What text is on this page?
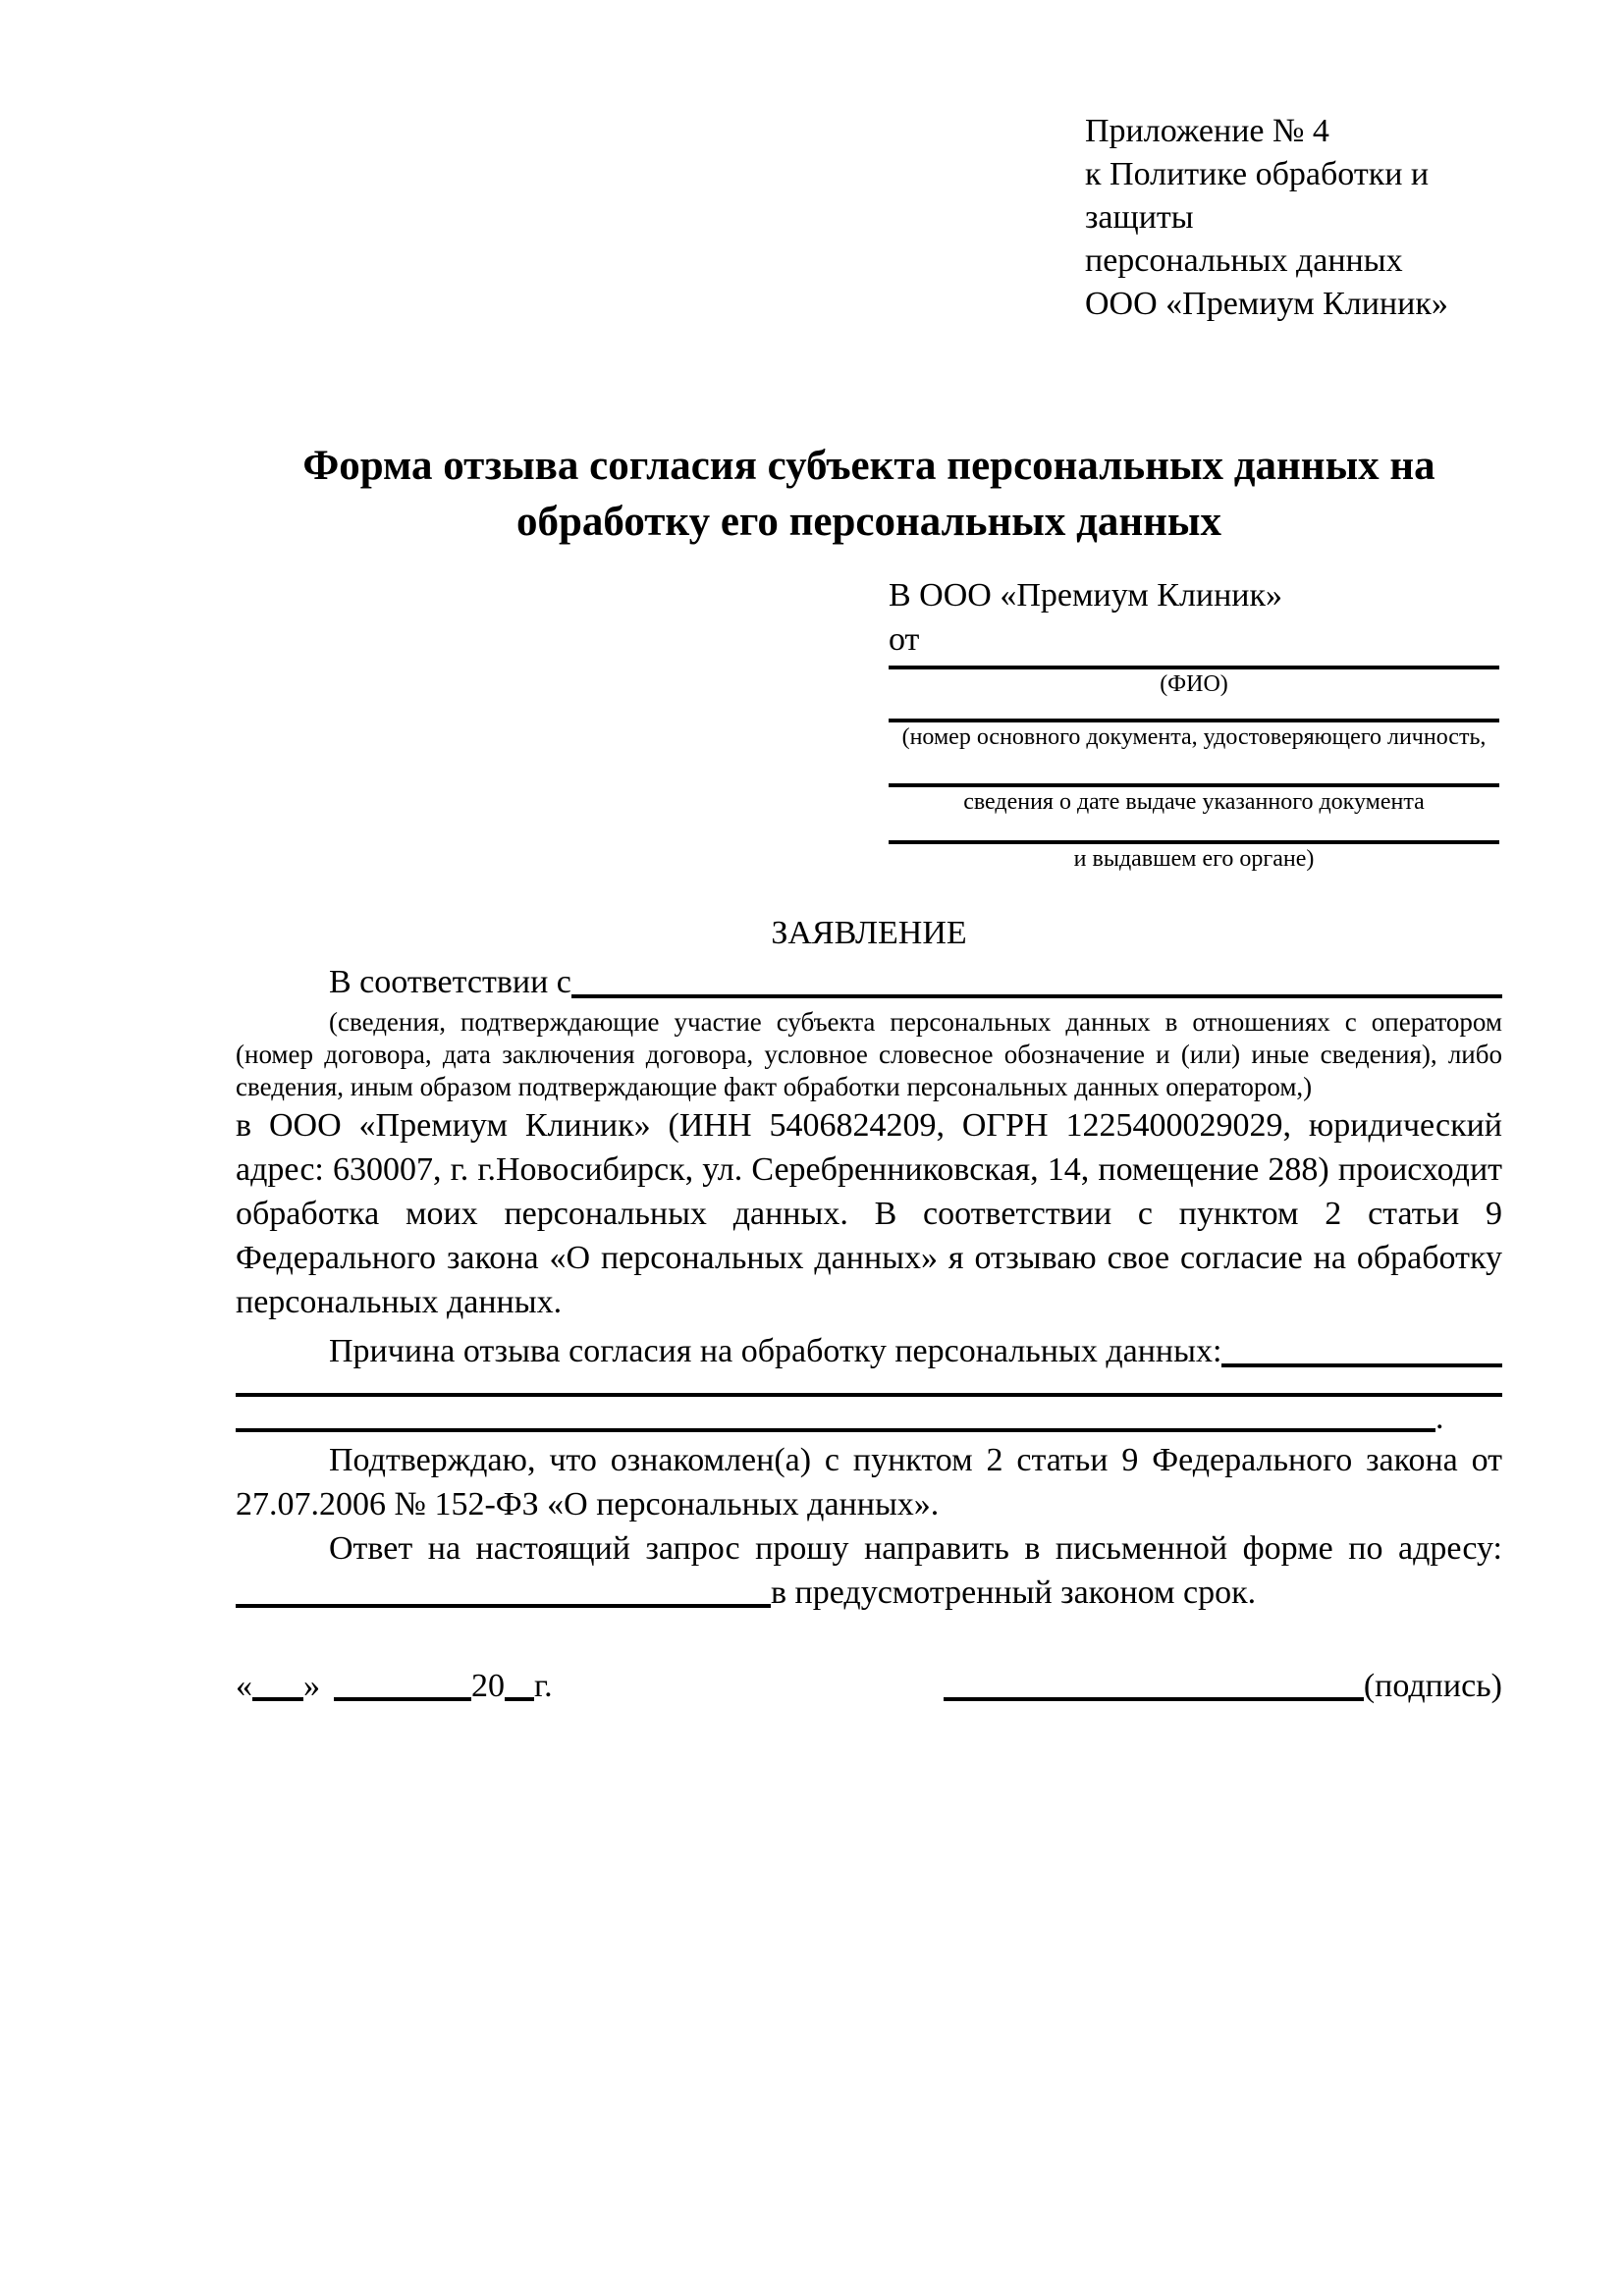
Приложение № 4
к Политике обработки и защиты
персональных данных
ООО «Премиум Клиник»
Форма отзыва согласия субъекта персональных данных на обработку его персональных данных
В ООО «Премиум Клиник»
от
(ФИО)
(номер основного документа, удостоверяющего личность,
сведения о дате выдаче указанного документа
и выдавшем его органе)
ЗАЯВЛЕНИЕ
В соответствии с

(сведения, подтверждающие участие субъекта персональных данных в отношениях с оператором (номер договора, дата заключения договора, условное словесное обозначение и (или) иные сведения), либо сведения, иным образом подтверждающие факт обработки персональных данных оператором,)

в ООО «Премиум Клиник» (ИНН 5406824209, ОГРН 1225400029029, юридический адрес: 630007, г. г.Новосибирск, ул. Серебренниковская, 14, помещение 288) происходит обработка моих персональных данных. В соответствии с пунктом 2 статьи 9 Федерального закона «О персональных данных» я отзываю свое согласие на обработку персональных данных.

Причина отзыва согласия на обработку персональных данных:
.

Подтверждаю, что ознакомлен(а) с пунктом 2 статьи 9 Федерального закона от 27.07.2006 № 152-ФЗ «О персональных данных».

Ответ на настоящий запрос прошу направить в письменной форме по адресу:

в предусмотренный законом срок.
« »	20 г.	(подпись)
